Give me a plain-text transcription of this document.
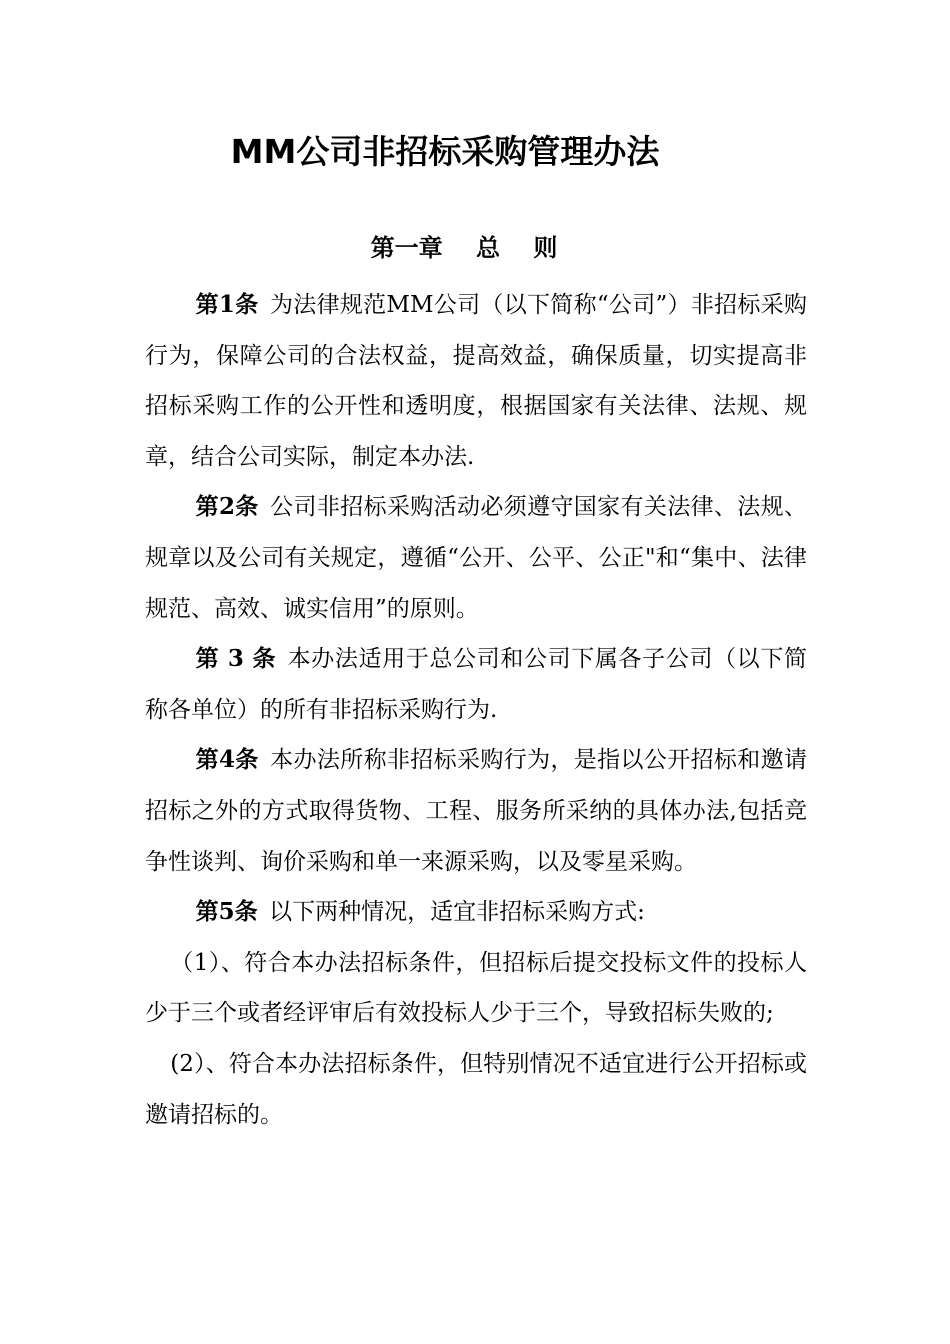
MM公司非招标采购管理办法
第一章    总    则

第1条 为法律规范MM公司（以下简称“公司”）非招标采购行为，保障公司的合法权益，提高效益，确保质量，切实提高非招标采购工作的公开性和透明度，根据国家有关法律、法规、规章，结合公司实际，制定本办法.

第2条 公司非招标采购活动必须遵守国家有关法律、法规、规章以及公司有关规定，遵循“公开、公平、公正"和“集中、法律规范、高效、诚实信用”的原则。

第 3 条 本办法适用于总公司和公司下属各子公司（以下简称各单位）的所有非招标采购行为.

第4条 本办法所称非招标采购行为，是指以公开招标和邀请招标之外的方式取得货物、工程、服务所采纳的具体办法,包括竞争性谈判、询价采购和单一来源采购，以及零星采购。

第5条 以下两种情况，适宜非招标采购方式:

（1）、符合本办法招标条件，但招标后提交投标文件的投标人少于三个或者经评审后有效投标人少于三个，导致招标失败的;

(2）、符合本办法招标条件，但特别情况不适宜进行公开招标或邀请招标的。
